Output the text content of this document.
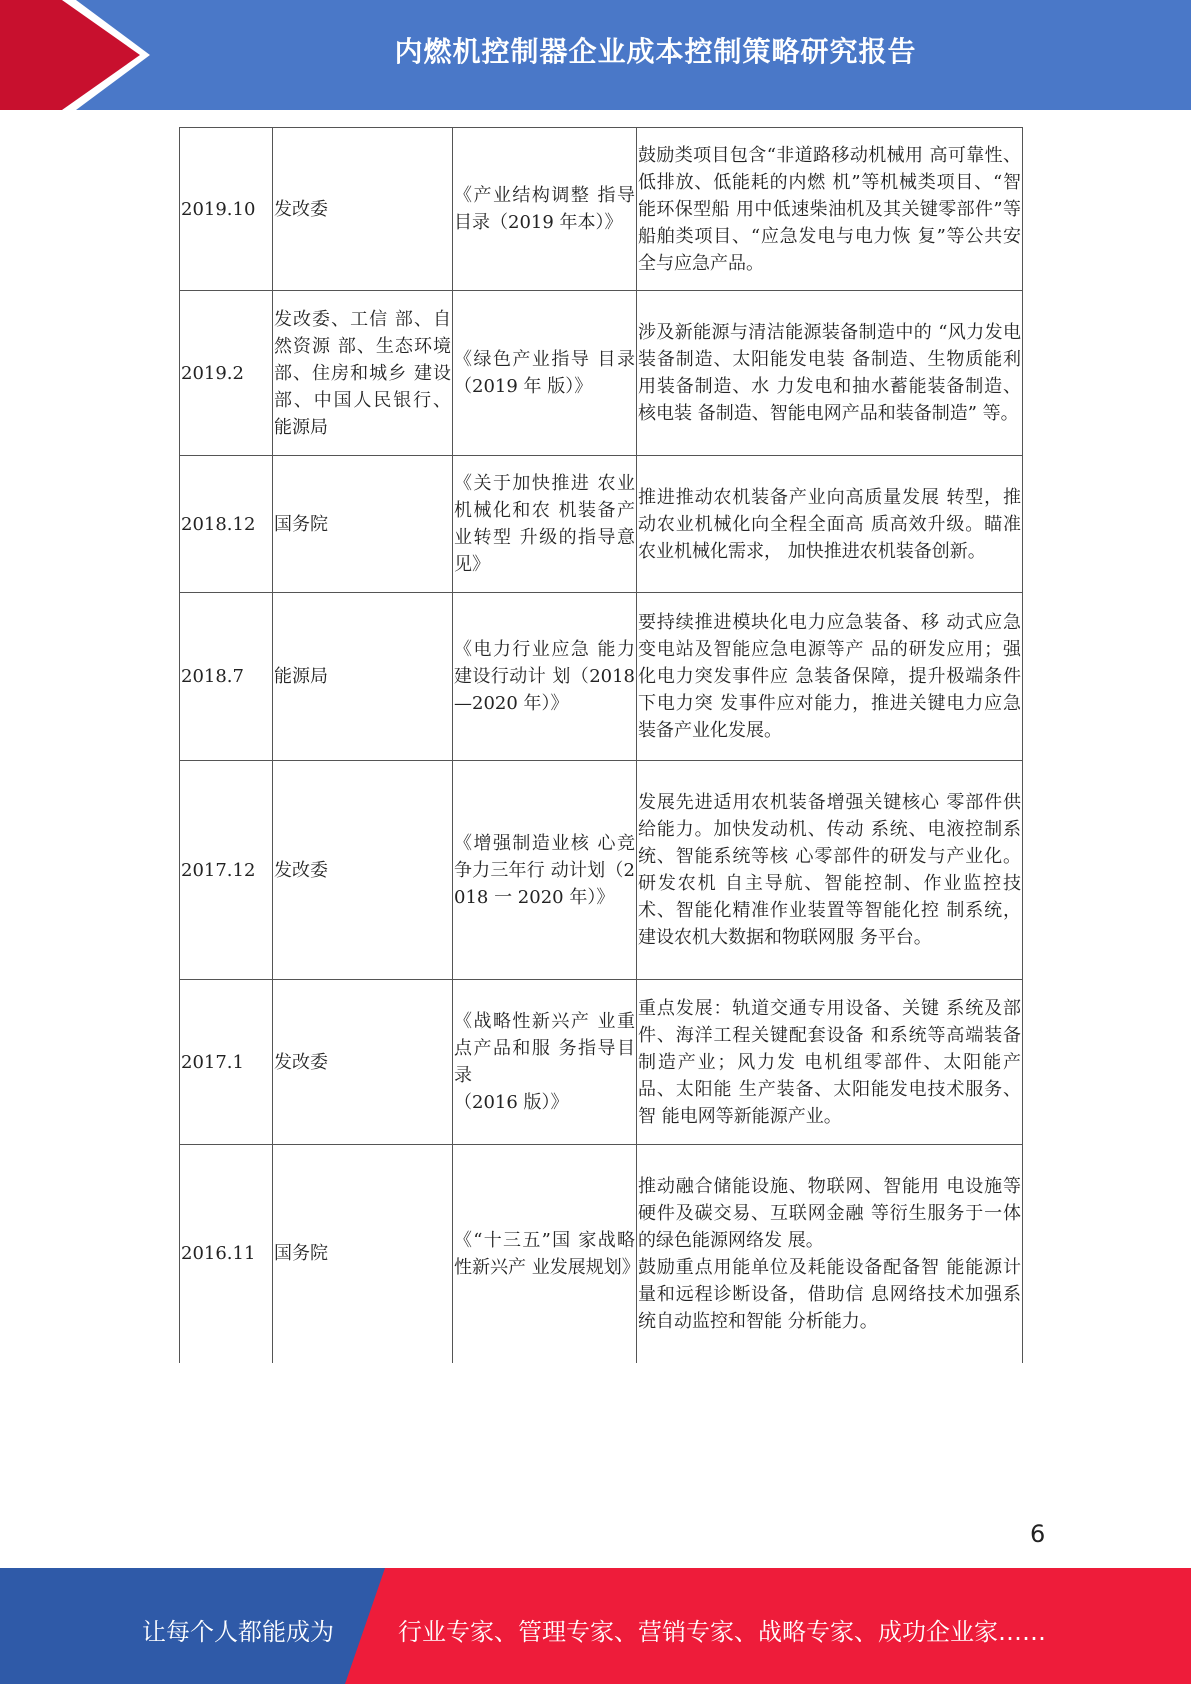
内燃机控制器企业成本控制策略研究报告
2019.10	发改委	《产业结构调整 指导目录（2019 年本）》	鼓励类项目包含“非道路移动机械用 高可靠性、低排放、低能耗的内燃 机”等机械类项目、“智能环保型船 用中低速柴油机及其关键零部件”等 船舶类项目、“应急发电与电力恢 复”等公共安全与应急产品。
2019.2	发改委、工信 部、自然资源 部、生态环境 部、住房和城乡 建设部、中国人民银行、能源局	《绿色产业指导 目录（2019 年 版）》	涉及新能源与清洁能源装备制造中的 “风力发电装备制造、太阳能发电装 备制造、生物质能利用装备制造、水 力发电和抽水蓄能装备制造、核电装 备制造、智能电网产品和装备制造” 等。
2018.12	国务院	《关于加快推进 农业机械化和农 机装备产业转型 升级的指导意 见》	推进推动农机装备产业向高质量发展 转型，推动农业机械化向全程全面高 质高效升级。瞄准农业机械化需求， 加快推进农机装备创新。
2018.7	能源局	《电力行业应急 能力建设行动计 划（2018—2020 年）》	要持续推进模块化电力应急装备、移 动式应急变电站及智能应急电源等产 品的研发应用；强化电力突发事件应 急装备保障，提升极端条件下电力突 发事件应对能力，推进关键电力应急 装备产业化发展。
2017.12	发改委	《增强制造业核 心竞争力三年行 动计划（2018 一 2020 年）》	发展先进适用农机装备增强关键核心 零部件供给能力。加快发动机、传动 系统、电液控制系统、智能系统等核 心零部件的研发与产业化。研发农机 自主导航、智能控制、作业监控技 术、智能化精准作业装置等智能化控 制系统，建设农机大数据和物联网服 务平台。
2017.1	发改委	《战略性新兴产 业重点产品和服 务指导目录
（2016 版）》	重点发展：轨道交通专用设备、关键 系统及部件、海洋工程关键配套设备 和系统等高端装备制造产业；风力发 电机组零部件、太阳能产品、太阳能 生产装备、太阳能发电技术服务、智 能电网等新能源产业。
2016.11	国务院	《“十三五”国 家战略性新兴产 业发展规划》	推动融合储能设施、物联网、智能用 电设施等硬件及碳交易、互联网金融 等衍生服务于一体的绿色能源网络发 展。
鼓励重点用能单位及耗能设备配备智 能能源计量和远程诊断设备，借助信 息网络技术加强系统自动监控和智能 分析能力。
6
让每个人都能成为	行业专家、管理专家、营销专家、战略专家、成功企业家……
